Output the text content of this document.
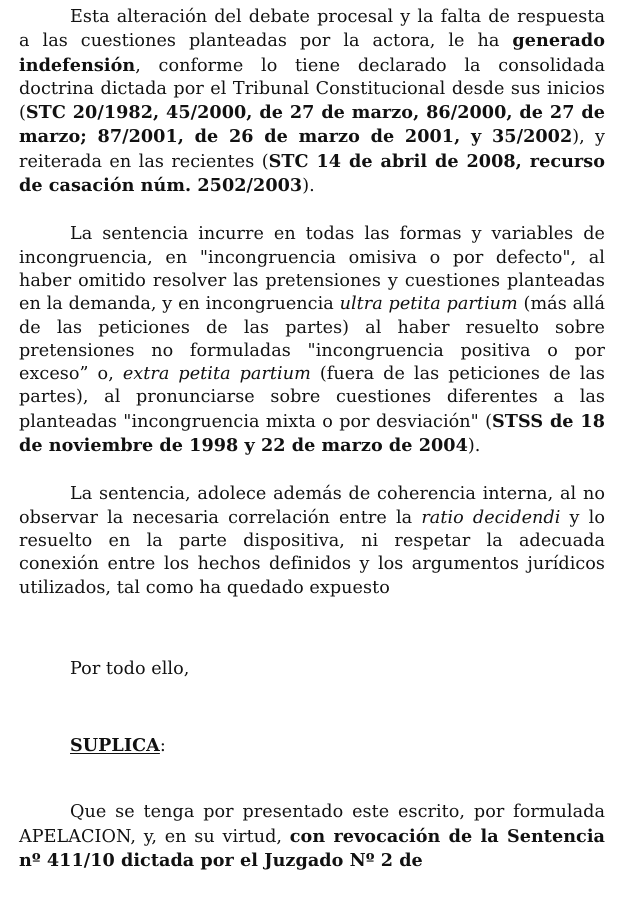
Esta alteración del debate procesal y la falta de respuesta a las cuestiones planteadas por la actora, le ha generado indefensión, conforme lo tiene declarado la consolidada doctrina dictada por el Tribunal Constitucional desde sus inicios (STC 20/1982, 45/2000, de 27 de marzo, 86/2000, de 27 de marzo; 87/2001, de 26 de marzo de 2001, y 35/2002), y reiterada en las recientes (STC 14 de abril de 2008, recurso de casación núm. 2502/2003).

La sentencia incurre en todas las formas y variables de incongruencia, en "incongruencia omisiva o por defecto", al haber omitido resolver las pretensiones y cuestiones planteadas en la demanda, y en incongruencia ultra petita partium (más allá de las peticiones de las partes) al haber resuelto sobre pretensiones no formuladas "incongruencia positiva o por exceso” o, extra petita partium (fuera de las peticiones de las partes), al pronunciarse sobre cuestiones diferentes a las planteadas "incongruencia mixta o por desviación" (STSS de 18 de noviembre de 1998 y 22 de marzo de 2004).

La sentencia, adolece además de coherencia interna, al no observar la necesaria correlación entre la ratio decidendi y lo resuelto en la parte dispositiva, ni respetar la adecuada conexión entre los hechos definidos y los argumentos jurídicos utilizados, tal como ha quedado expuesto

Por todo ello,

SUPLICA:

Que se tenga por presentado este escrito, por formulada APELACION, y, en su virtud, con revocación de la Sentencia nº 411/10 dictada por el Juzgado Nº 2 de
